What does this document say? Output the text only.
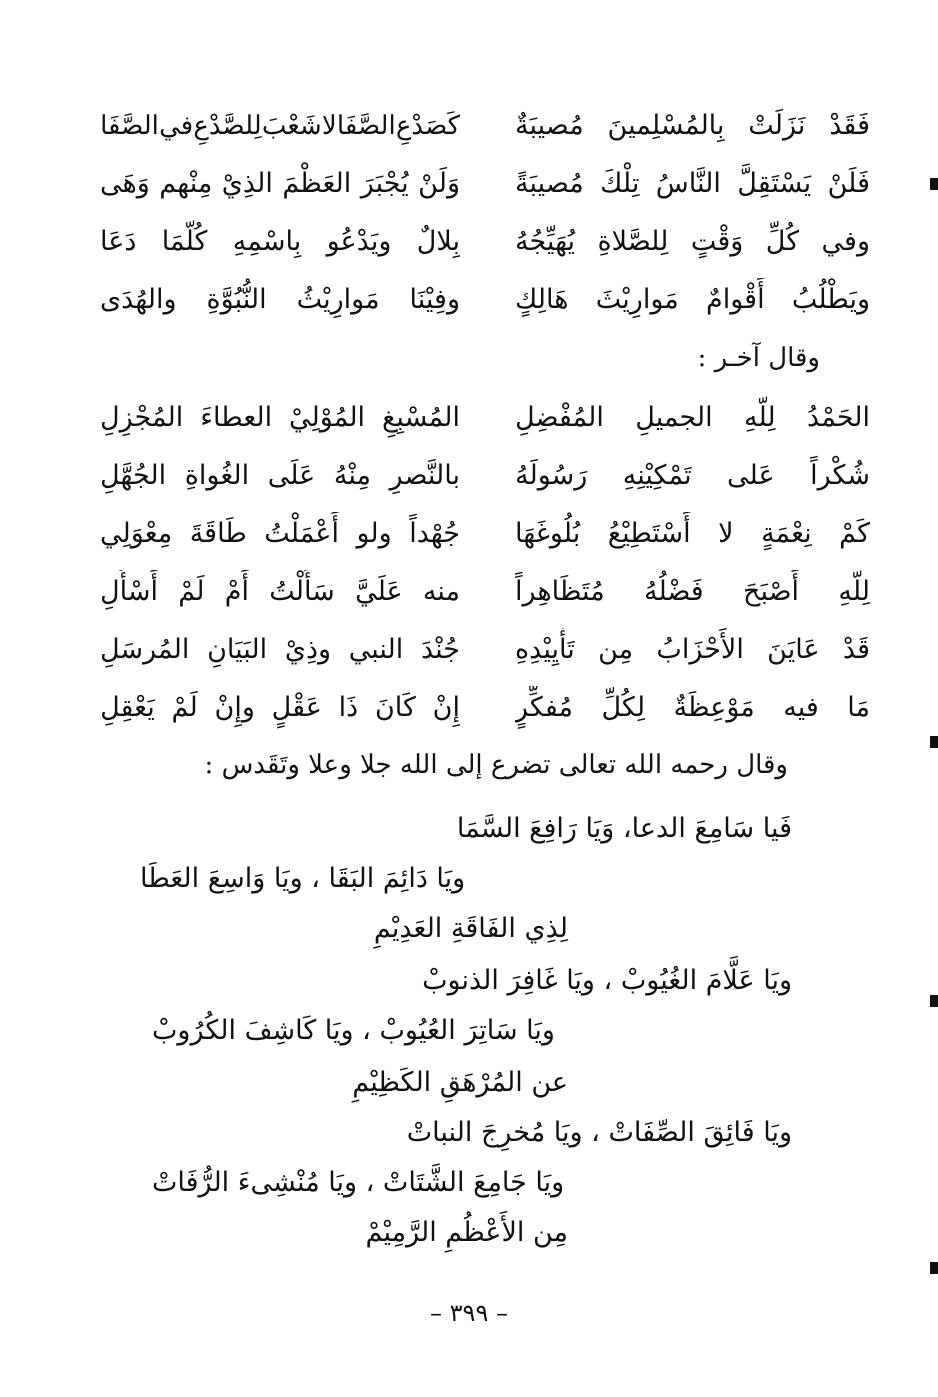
فَقَدْ
نَزَلَتْ
بِالمُسْلِمينَ
مُصيبَةٌ
كَصَدْعِ
الصَّفَا
لا
شَعْبَ
لِلصَّدْعِ
في
الصَّفَا
فَلَنْ
يَسْتَقِلَّ
النَّاسُ
تِلْكَ
مُصيبَةً
وَلَنْ
يُجْبَرَ
العَظْمَ
الذِيْ
مِنْهم
وَهَى
وفي
كُلِّ
وَقْتٍ
لِلصَّلاةِ
يُهَيِّجُهُ
بِلالٌ
ويَدْعُو
بِاسْمِهِ
كُلَّمَا
دَعَا
ويَطْلُبُ
أَقْوامٌ
مَوارِيْثَ
هَالِكٍ
وفِيْنَا
مَوارِيْثُ
النُّبُوَّةِ
والهُدَى
وقال آخـر :
الحَمْدُ
لِلَّهِ
الجميلِ
المُفْضِلِ
المُسْبِغِ
المُوْلِيْ
العطاءَ
المُجْزِلِ
شُكْراً
عَلى
تَمْكِيْنِهِ
رَسُولَهُ
بالنَّصرِ
مِنْهُ
عَلَى
الغُواةِ
الجُهَّلِ
كَمْ
نِعْمَةٍ
لا
أَسْتَطِيْعُ
بُلُوغَهَا
جُهْداً
ولو
أَعْمَلْتُ
طَاقَةَ
مِعْوَلِي
لِلَّهِ
أَصْبَحَ
فَضْلُهُ
مُتَظَاهِراً
منه
عَلَيَّ
سَأَلْتُ
أَمْ
لَمْ
أَسْأَلِ
قَدْ
عَايَنَ
الأَحْزَابُ
مِن
تَأْيِيْدِهِ
جُنْدَ
النبي
وذِيْ
البَيَانِ
المُرسَلِ
مَا
فيه
مَوْعِظَةٌ
لِكُلِّ
مُفكِّرٍ
إِنْ
كَانَ
ذَا
عَقْلٍ
وإِنْ
لَمْ
يَعْقِلِ
وقال رحمه الله تعالى تضرع إلى الله جلا وعلا وتَقَدس :
فَيا سَامِعَ الدعا، وَيَا رَافِعَ السَّمَا
ويَا دَائِمَ البَقَا ، ويَا وَاسِعَ العَطَا
لِذِي الفَاقَةِ العَدِيْمِ
ويَا عَلَّامَ الغُيُوبْ ، ويَا غَافِرَ الذنوبْ
ويَا سَاتِرَ العُيُوبْ ، ويَا كَاشِفَ الكُرُوبْ
عن المُرْهَقِ الكَظِيْمِ
ويَا فَائِقَ الصِّفَاتْ ، ويَا مُخرِجَ النباتْ
ويَا جَامِعَ الشَّتَاتْ ، ويَا مُنْشِىءَ الرُّفَاتْ
مِن الأَعْظُمِ الرَّمِيْمْ
– ٣٩٩ –
